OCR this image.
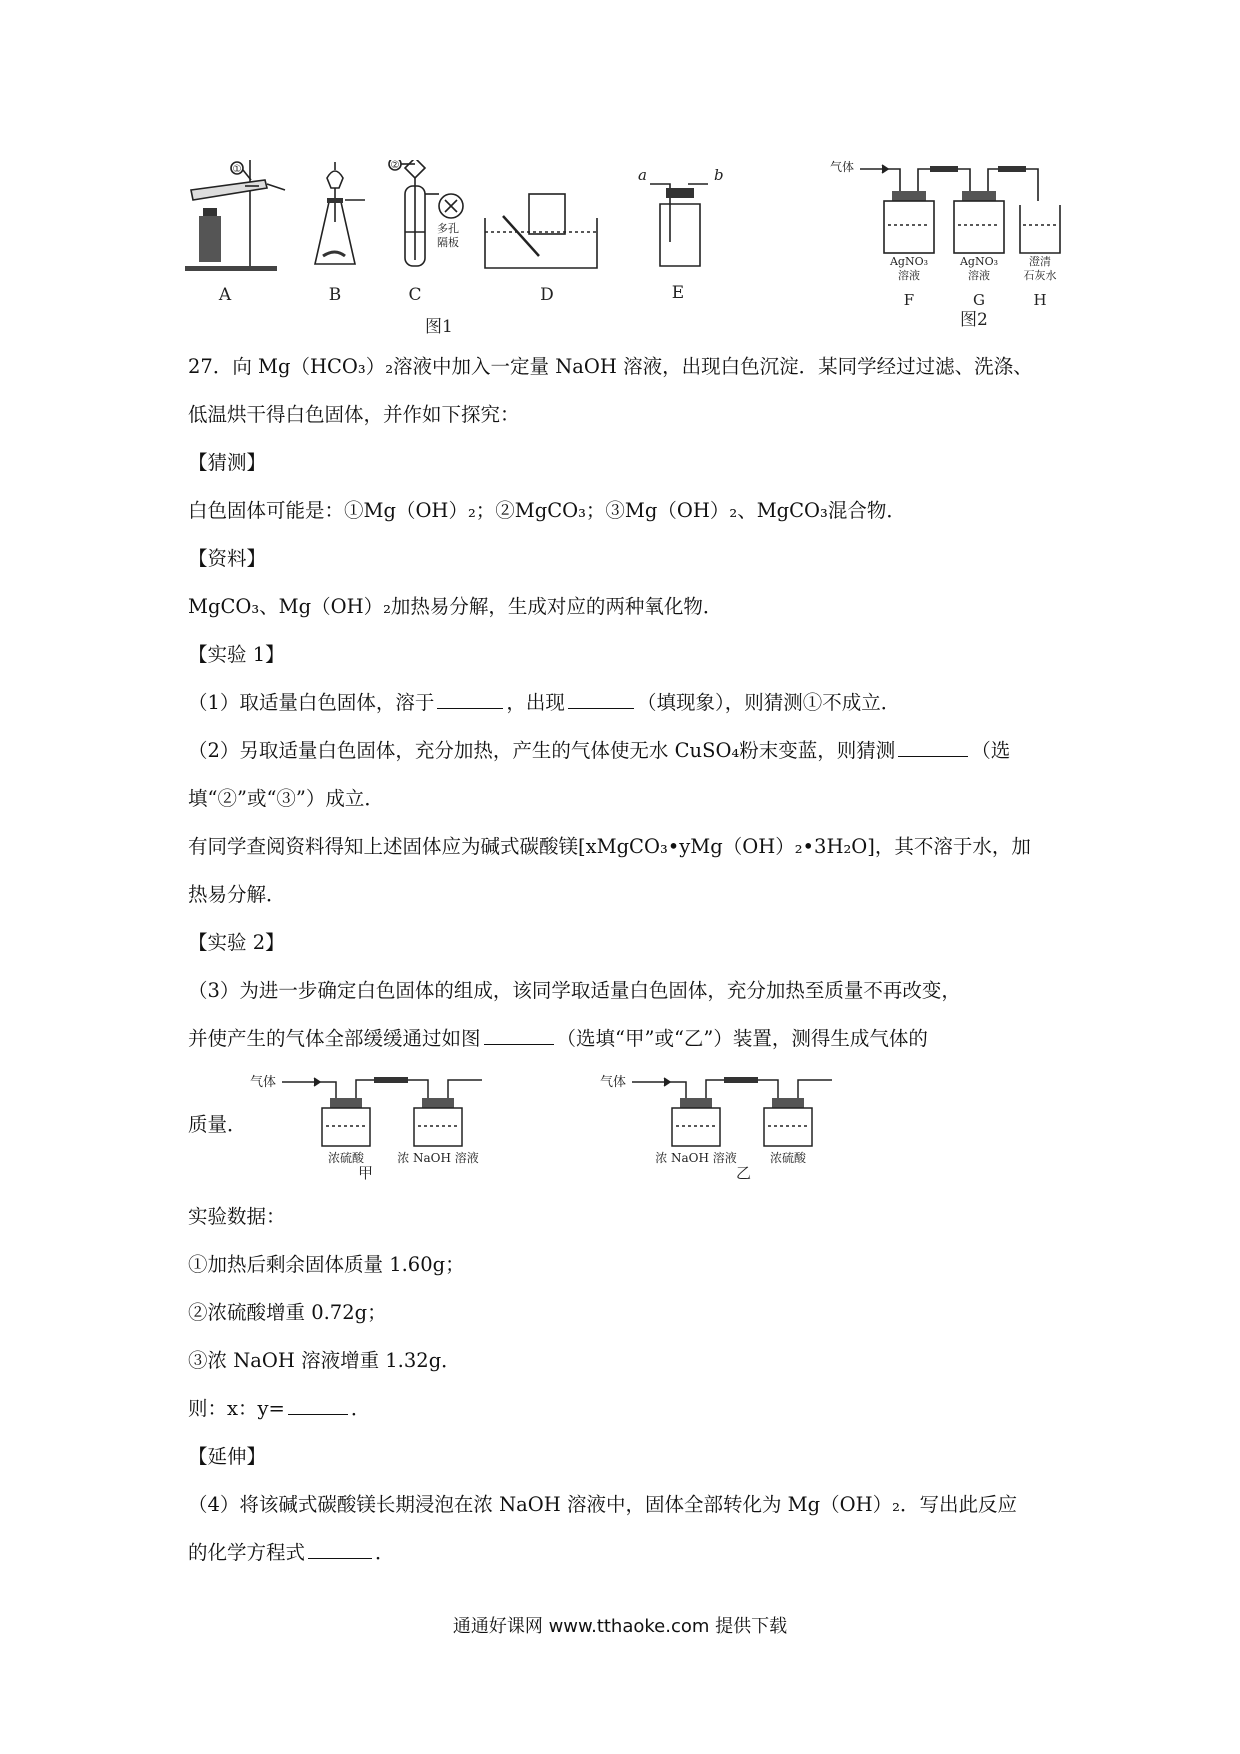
①
A	B
②
多孔
隔板
C	D
a	b
E
图1
气体
AgNO₃
溶液
F
AgNO₃
溶液
G
澄清
石灰水
H
图2
27．向 Mg（HCO₃）₂溶液中加入一定量 NaOH 溶液，出现白色沉淀．某同学经过过滤、洗涤、
低温烘干得白色固体，并作如下探究：
【猜测】
白色固体可能是：①Mg（OH）₂；②MgCO₃；③Mg（OH）₂、MgCO₃混合物．
【资料】
MgCO₃、Mg（OH）₂加热易分解，生成对应的两种氧化物．
【实验 1】
（1）取适量白色固体，溶于	，出现	（填现象），则猜测①不成立．
（2）另取适量白色固体，充分加热，产生的气体使无水 CuSO₄粉末变蓝，则猜测	（选
填“②”或“③”）成立．
有同学查阅资料得知上述固体应为碱式碳酸镁[xMgCO₃•yMg（OH）₂•3H₂O]，其不溶于水，加
热易分解．
【实验 2】
（3）为进一步确定白色固体的组成，该同学取适量白色固体，充分加热至质量不再改变，
并使产生的气体全部缓缓通过如图	（选填“甲”或“乙”）装置，测得生成气体的
气体
浓硫酸	浓 NaOH 溶液
甲
气体
浓 NaOH 溶液	浓硫酸
乙
质量．
实验数据：
①加热后剩余固体质量 1.60g；
②浓硫酸增重 0.72g；
③浓 NaOH 溶液增重 1.32g．
则：x：y=	．
【延伸】
（4）将该碱式碳酸镁长期浸泡在浓 NaOH 溶液中，固体全部转化为 Mg（OH）₂．写出此反应
的化学方程式	．
通通好课网 www.tthaoke.com 提供下载
